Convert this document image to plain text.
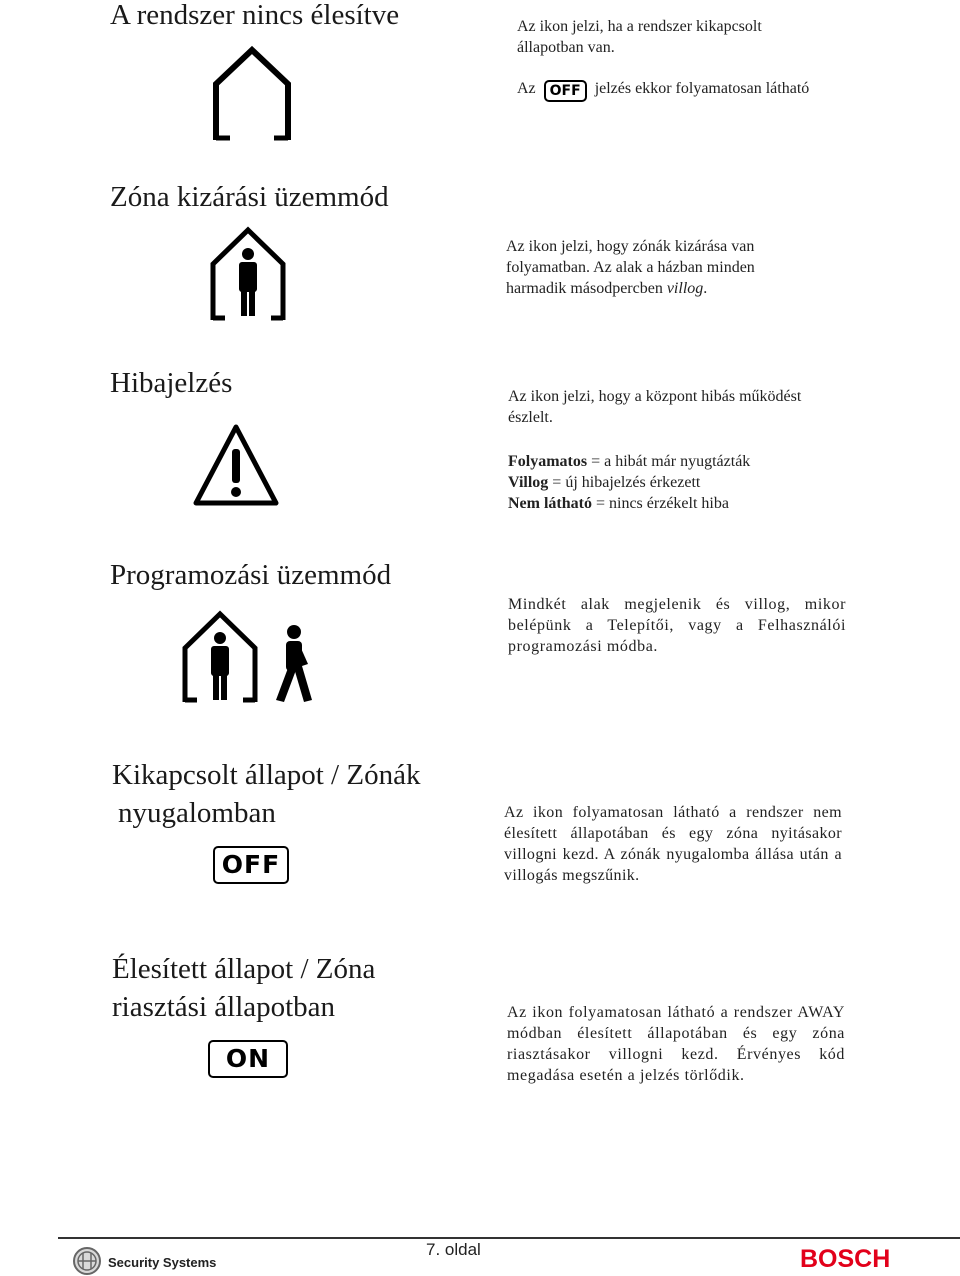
A rendszer nincs élesítve	Az ikon jelzi, ha a rendszer kikapcsolt állapotban van.
Az OFF jelzés ekkor folyamatosan látható
Zóna kizárási üzemmód
Az ikon jelzi, hogy zónák kizárása van folyamatban. Az alak a házban minden harmadik másodpercben villog.
Hibajelzés	Az ikon jelzi, hogy a központ hibás működést észlelt.
Folyamatos = a hibát már nyugtázták
Villog = új hibajelzés érkezett
Nem látható = nincs érzékelt hiba
Programozási üzemmód
Mindkét alak megjelenik és villog, mikor belépünk a Telepítői, vagy a Felhasználói programozási módba.
Kikapcsolt állapot / Zónák
nyugalomban
OFF
Az ikon folyamatosan látható a rendszer nem élesített állapotában és egy zóna nyitásakor villogni kezd. A zónák nyugalomba állása után a villogás megszűnik.
Élesített állapot / Zóna
riasztási állapotban
ON
Az ikon folyamatosan látható a rendszer AWAY módban élesített állapotában és egy zóna riasztásakor villogni kezd. Érvényes kód megadása esetén a jelzés törlődik.
Security Systems
7. oldal	BOSCH
